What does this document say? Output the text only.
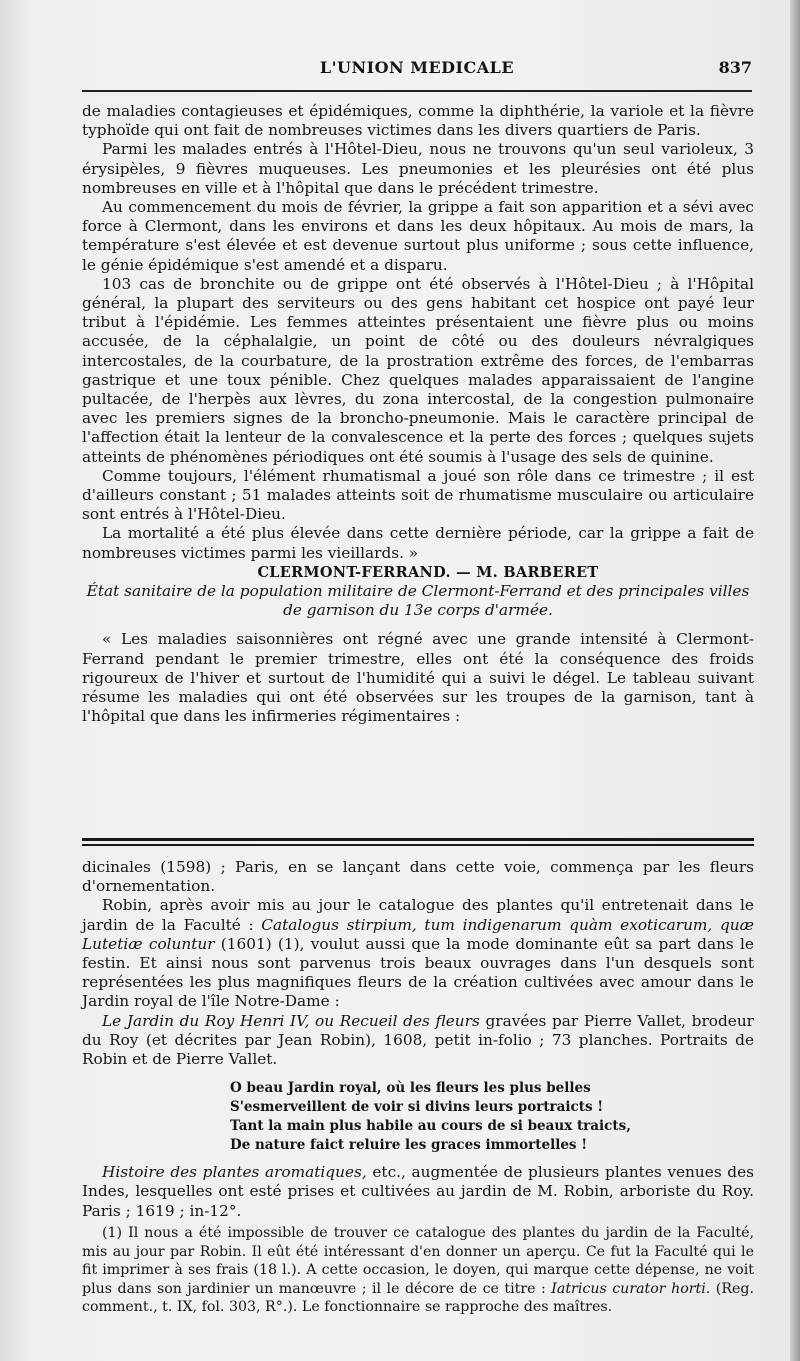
L'UNION MEDICALE	837

de maladies contagieuses et épidémiques, comme la diphthérie, la variole et la fièvre typhoïde qui ont fait de nombreuses victimes dans les divers quartiers de Paris.

Parmi les malades entrés à l'Hôtel-Dieu, nous ne trouvons qu'un seul varioleux, 3 érysipèles, 9 fièvres muqueuses. Les pneumonies et les pleurésies ont été plus nombreuses en ville et à l'hôpital que dans le précédent trimestre.

Au commencement du mois de février, la grippe a fait son apparition et a sévi avec force à Clermont, dans les environs et dans les deux hôpitaux. Au mois de mars, la température s'est élevée et est devenue surtout plus uniforme ; sous cette influence, le génie épidémique s'est amendé et a disparu.

103 cas de bronchite ou de grippe ont été observés à l'Hôtel-Dieu ; à l'Hôpital général, la plupart des serviteurs ou des gens habitant cet hospice ont payé leur tribut à l'épidémie. Les femmes atteintes présentaient une fièvre plus ou moins accusée, de la céphalalgie, un point de côté ou des douleurs névralgiques intercostales, de la courbature, de la prostration extrême des forces, de l'embarras gastrique et une toux pénible. Chez quelques malades apparaissaient de l'angine pultacée, de l'herpès aux lèvres, du zona intercostal, de la congestion pulmonaire avec les premiers signes de la broncho-pneumonie. Mais le caractère principal de l'affection était la lenteur de la convalescence et la perte des forces ; quelques sujets atteints de phénomènes périodiques ont été soumis à l'usage des sels de quinine.

Comme toujours, l'élément rhumatismal a joué son rôle dans ce trimestre ; il est d'ailleurs constant ; 51 malades atteints soit de rhumatisme musculaire ou articulaire sont entrés à l'Hôtel-Dieu.

La mortalité a été plus élevée dans cette dernière période, car la grippe a fait de nombreuses victimes parmi les vieillards. »

CLERMONT-FERRAND. — M. BARBERET

État sanitaire de la population militaire de Clermont-Ferrand et des principales villes
de garnison du 13e corps d'armée.

« Les maladies saisonnières ont régné avec une grande intensité à Clermont-Ferrand pendant le premier trimestre, elles ont été la conséquence des froids rigoureux de l'hiver et surtout de l'humidité qui a suivi le dégel. Le tableau suivant résume les maladies qui ont été observées sur les troupes de la garnison, tant à l'hôpital que dans les infirmeries régimentaires :

dicinales (1598) ; Paris, en se lançant dans cette voie, commença par les fleurs d'ornementation.

Robin, après avoir mis au jour le catalogue des plantes qu'il entretenait dans le jardin de la Faculté : Catalogus stirpium, tum indigenarum quàm exoticarum, quæ Lutetiæ coluntur (1601) (1), voulut aussi que la mode dominante eût sa part dans le festin. Et ainsi nous sont parvenus trois beaux ouvrages dans l'un desquels sont représentées les plus magnifiques fleurs de la création cultivées avec amour dans le Jardin royal de l'île Notre-Dame :

Le Jardin du Roy Henri IV, ou Recueil des fleurs gravées par Pierre Vallet, brodeur du Roy (et décrites par Jean Robin), 1608, petit in-folio ; 73 planches. Portraits de Robin et de Pierre Vallet.

O beau Jardin royal, où les fleurs les plus belles
S'esmerveillent de voir si divins leurs portraicts !
Tant la main plus habile au cours de si beaux traicts,
De nature faict reluire les graces immortelles !

Histoire des plantes aromatiques, etc., augmentée de plusieurs plantes venues des Indes, lesquelles ont esté prises et cultivées au jardin de M. Robin, arboriste du Roy. Paris ; 1619 ; in-12°.

(1) Il nous a été impossible de trouver ce catalogue des plantes du jardin de la Faculté, mis au jour par Robin. Il eût été intéressant d'en donner un aperçu. Ce fut la Faculté qui le fit imprimer à ses frais (18 l.). A cette occasion, le doyen, qui marque cette dépense, ne voit plus dans son jardinier un manœuvre ; il le décore de ce titre : Iatricus curator horti. (Reg. comment., t. IX, fol. 303, R°.). Le fonctionnaire se rapproche des maîtres.
